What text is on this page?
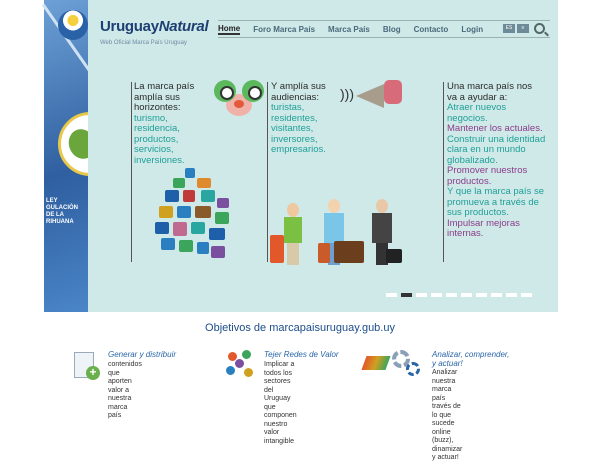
LEY
GULACIÓN
DE LA
RIHUANA
UruguayNatural
Web Oficial Marca País Uruguay
Home Foro Marca País Marca País Blog Contacto Login	ES	≡
La marca país
amplía sus
horizontes:
turismo,
residencia,
productos,
servicios,
inversiones.
Y amplía sus
audiencias:
turistas,
residentes,
visitantes,
inversores,
empresarios.
)))	Una marca país nos
va a ayudar a:
Atraer nuevos
negocios.
Mantener los actuales.
Construir una identidad
clara en un mundo
globalizado.
Promover nuestros
productos.
Y que la marca país se
promueva a través de
sus productos.
Impulsar mejoras
internas.
Objetivos de marcapaisuruguay.gub.uy
+
Generar y distribuir
contenidos que
aporten valor a
nuestra marca país
Tejer Redes de Valor
Implicar a todos los
sectores del Uruguay
que componen nuestro
valor intangible
Analizar, comprender,
y actuar!
Analizar nuestra marca país
través de lo que sucede online
(buzz), dinamizar y actuar!
